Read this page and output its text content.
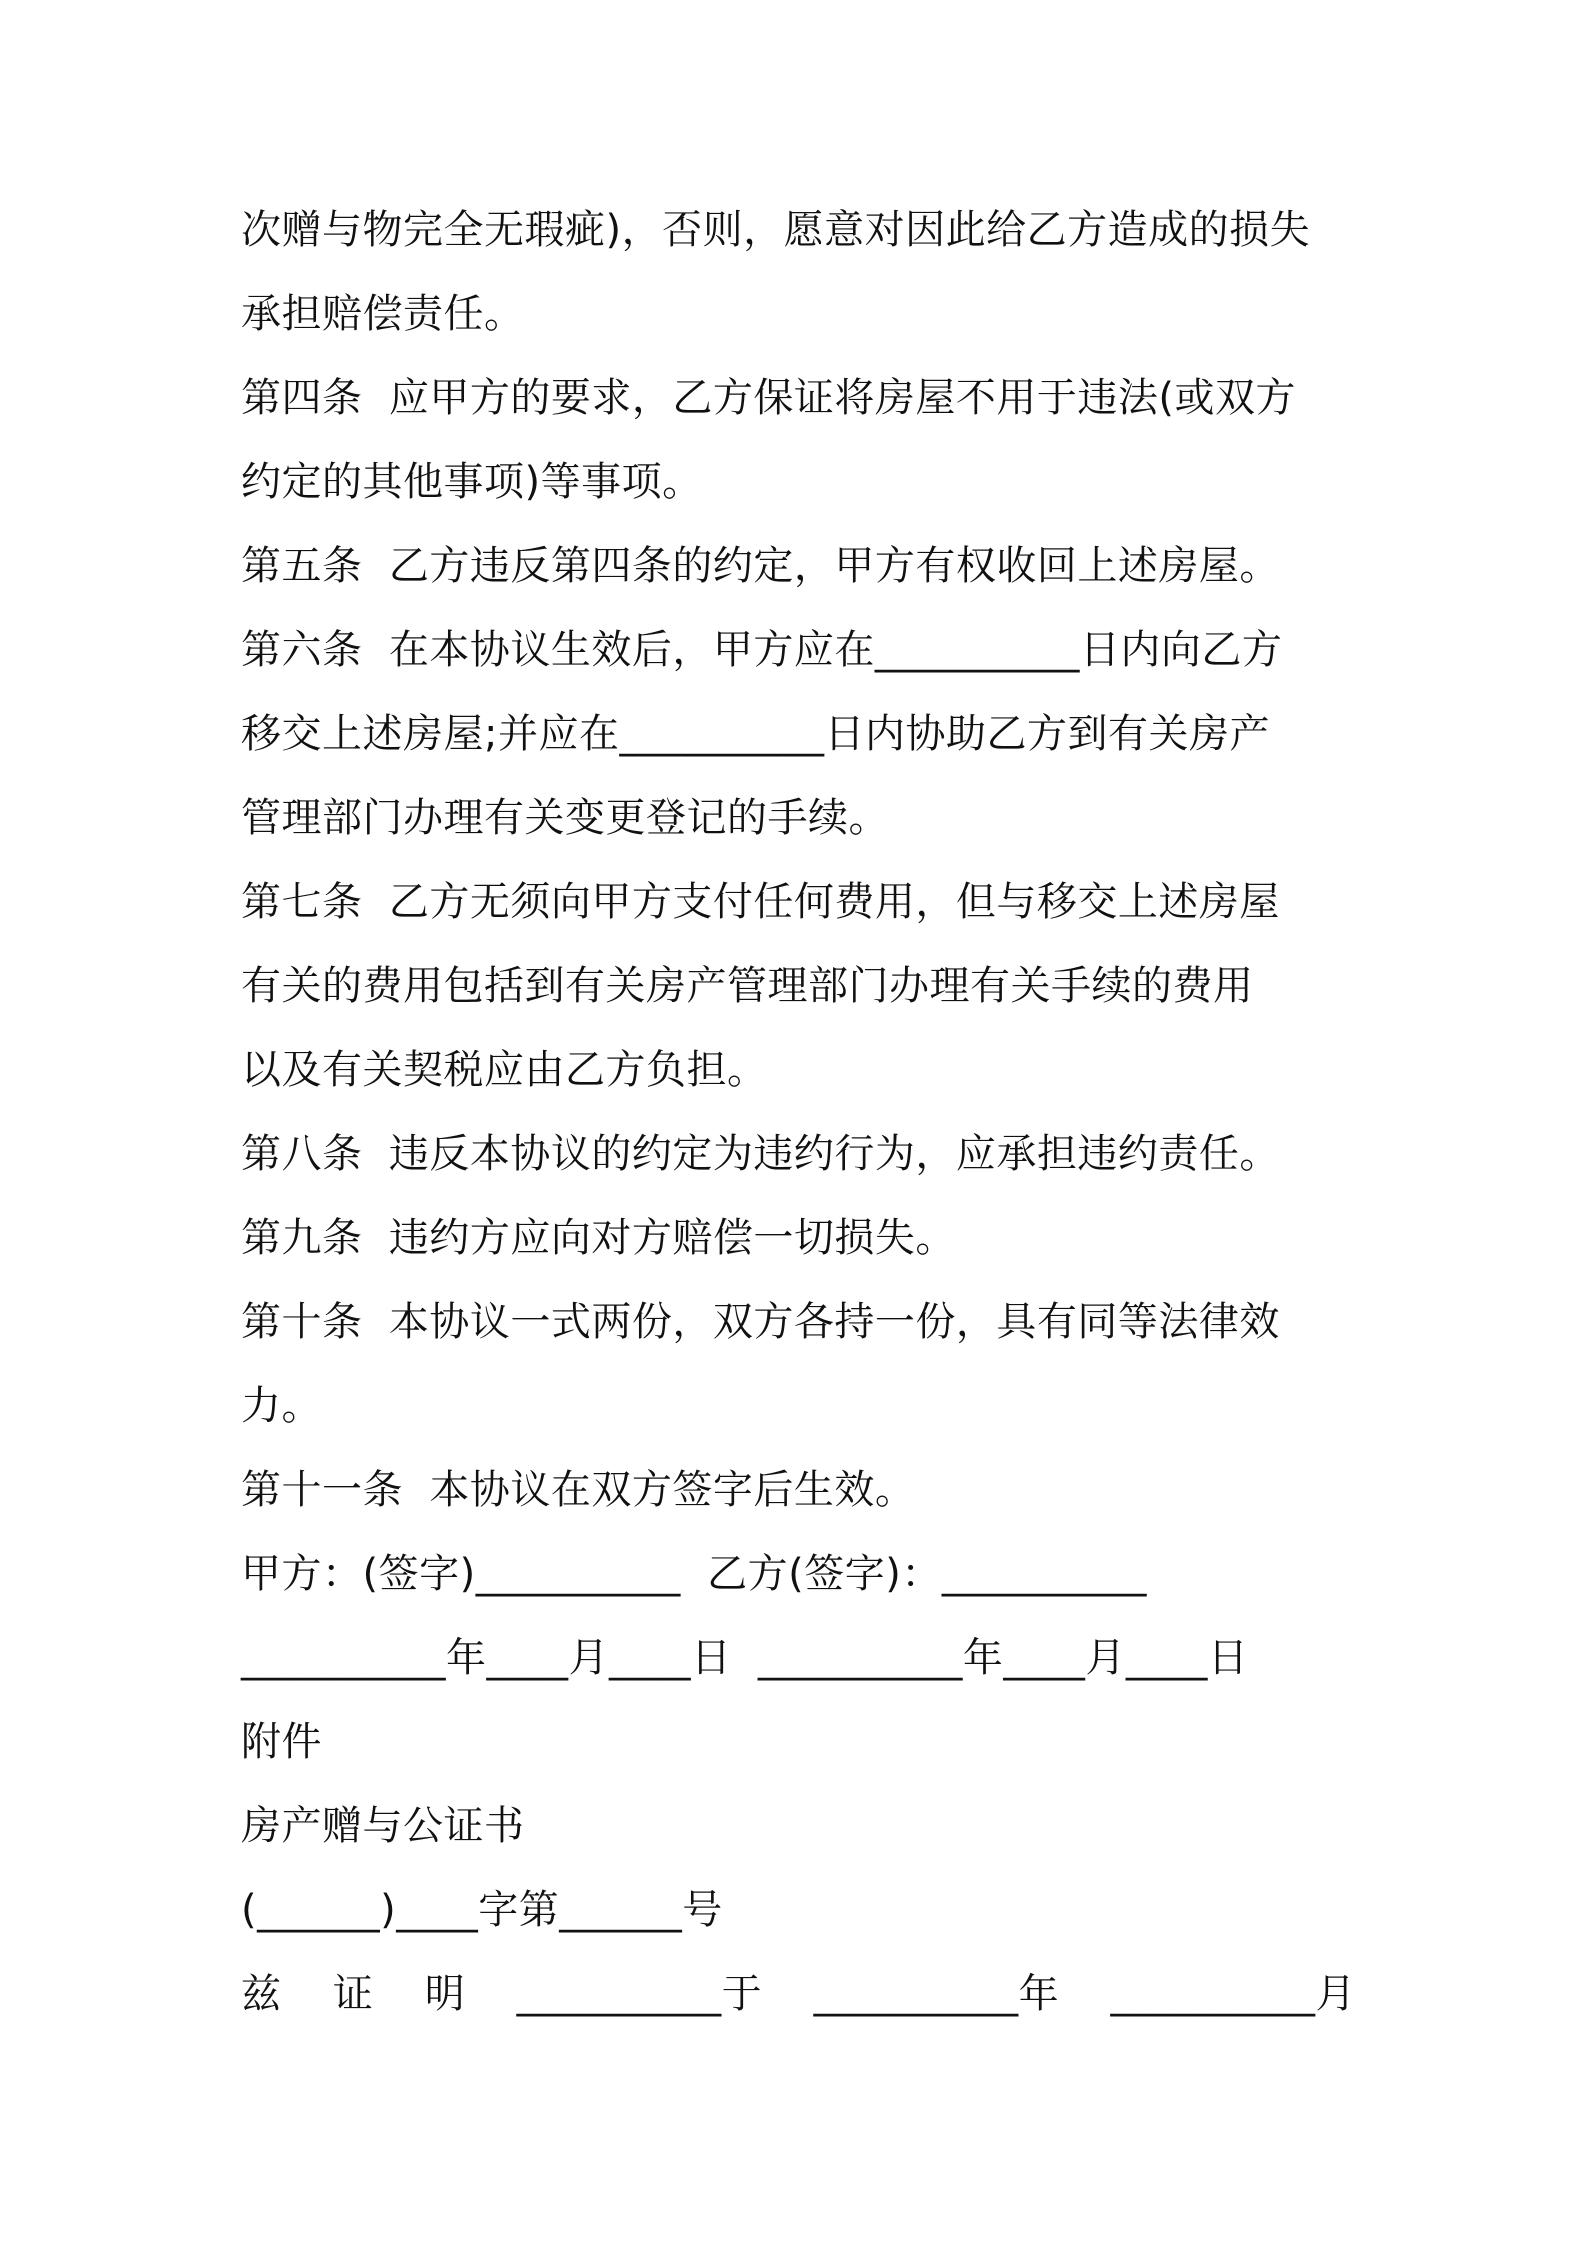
次赠与物完全无瑕疵)，否则，愿意对因此给乙方造成的损失
承担赔偿责任。
第四条  应甲方的要求，乙方保证将房屋不用于违法(或双方
约定的其他事项)等事项。
第五条  乙方违反第四条的约定，甲方有权收回上述房屋。
第六条  在本协议生效后，甲方应在__________日内向乙方
移交上述房屋;并应在__________日内协助乙方到有关房产
管理部门办理有关变更登记的手续。
第七条  乙方无须向甲方支付任何费用，但与移交上述房屋
有关的费用包括到有关房产管理部门办理有关手续的费用
以及有关契税应由乙方负担。
第八条  违反本协议的约定为违约行为，应承担违约责任。
第九条  违约方应向对方赔偿一切损失。
第十条  本协议一式两份，双方各持一份，具有同等法律效
力。
第十一条  本协议在双方签字后生效。
甲方：(签字)__________  乙方(签字)：__________
__________年____月____日  __________年____月____日
附件
房产赠与公证书
(______)____字第______号
兹 证 明 __________于 __________年 __________月
